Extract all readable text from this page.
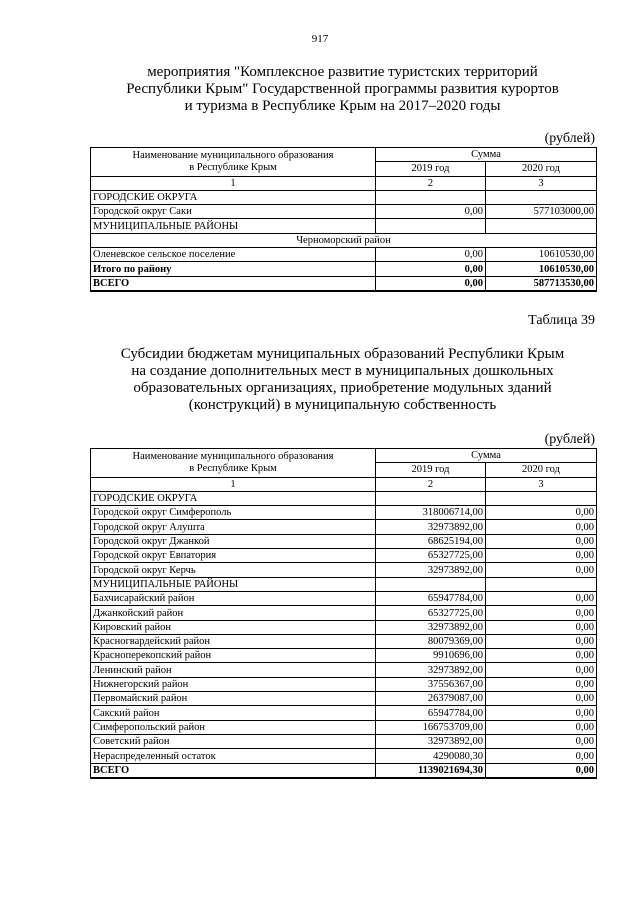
917
мероприятия "Комплексное развитие туристских территорий
Республики Крым" Государственной программы развития курортов
и туризма в Республике Крым на 2017–2020 годы
(рублей)
Наименование муниципального образования
в Республике Крым	Сумма	
	2019 год	2020 год
1	2	3
ГОРОДСКИЕ ОКРУГА		
Городской округ Саки	0,00	577103000,00
МУНИЦИПАЛЬНЫЕ РАЙОНЫ		
Черноморский район		
Оленевское сельское поселение	0,00	10610530,00
Итого по району	0,00	10610530,00
ВСЕГО	0,00	587713530,00
Таблица 39
Субсидии бюджетам муниципальных образований Республики Крым
на создание дополнительных мест в муниципальных дошкольных
образовательных организациях, приобретение модульных зданий
(конструкций) в муниципальную собственность
(рублей)
Наименование муниципального образования
в Республике Крым	Сумма	
	2019 год	2020 год
1	2	3
ГОРОДСКИЕ ОКРУГА		
Городской округ Симферополь	318006714,00	0,00
Городской округ Алушта	32973892,00	0,00
Городской округ Джанкой	68625194,00	0,00
Городской округ Евпатория	65327725,00	0,00
Городской округ Керчь	32973892,00	0,00
МУНИЦИПАЛЬНЫЕ РАЙОНЫ		
Бахчисарайский район	65947784,00	0,00
Джанкойский район	65327725,00	0,00
Кировский район	32973892,00	0,00
Красногвардейский район	80079369,00	0,00
Красноперекопский район	9910696,00	0,00
Ленинский район	32973892,00	0,00
Нижнегорский район	37556367,00	0,00
Первомайский район	26379087,00	0,00
Сакский район	65947784,00	0,00
Симферопольский район	166753709,00	0,00
Советский район	32973892,00	0,00
Нераспределенный остаток	4290080,30	0,00
ВСЕГО	1139021694,30	0,00
